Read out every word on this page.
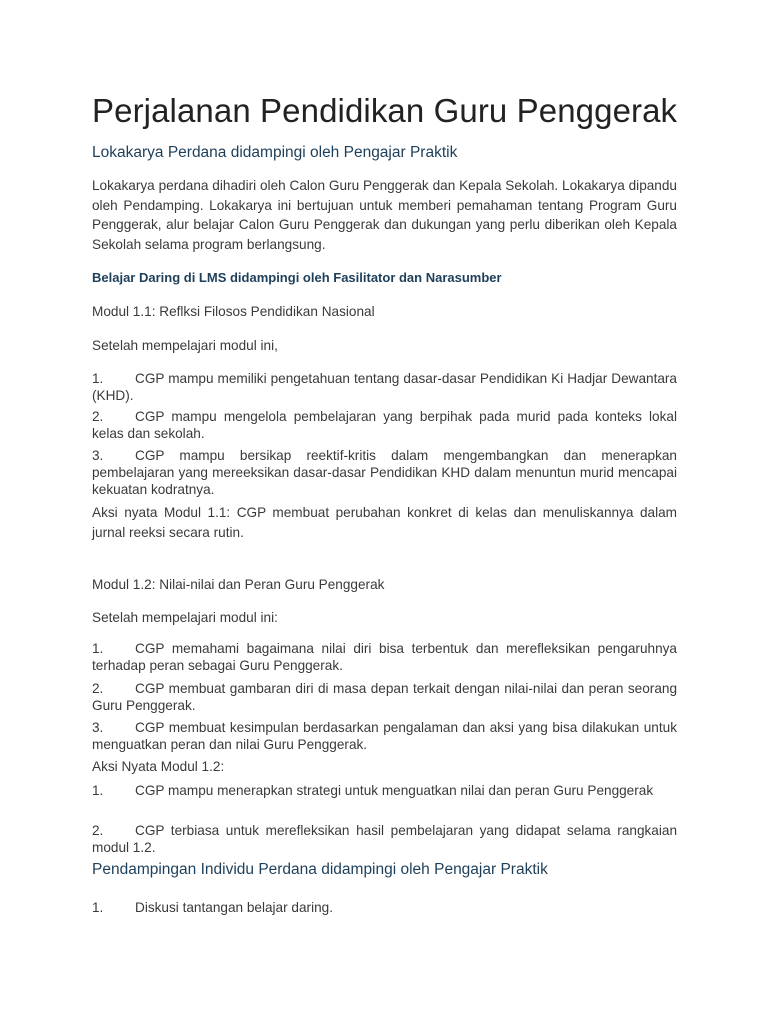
Perjalanan Pendidikan Guru Penggerak
Lokakarya Perdana didampingi oleh Pengajar Praktik

Lokakarya perdana dihadiri oleh Calon Guru Penggerak dan Kepala Sekolah. Lokakarya dipandu oleh Pendamping. Lokakarya ini bertujuan untuk memberi pemahaman tentang Program Guru Penggerak, alur belajar Calon Guru Penggerak dan dukungan yang perlu diberikan oleh Kepala Sekolah selama program berlangsung.

Belajar Daring di LMS didampingi oleh Fasilitator dan Narasumber

Modul 1.1: Reflksi Filosos Pendidikan Nasional

Setelah mempelajari modul ini,

1. CGP mampu memiliki pengetahuan tentang dasar-dasar Pendidikan Ki Hadjar Dewantara (KHD).

2. CGP mampu mengelola pembelajaran yang berpihak pada murid pada konteks lokal kelas dan sekolah.

3. CGP mampu bersikap reektif-kritis dalam mengembangkan dan menerapkan pembelajaran yang mereeksikan dasar-dasar Pendidikan KHD dalam menuntun murid mencapai kekuatan kodratnya.

Aksi nyata Modul 1.1: CGP membuat perubahan konkret di kelas dan menuliskannya dalam jurnal reeksi secara rutin.

Modul 1.2: Nilai-nilai dan Peran Guru Penggerak

Setelah mempelajari modul ini:

1. CGP memahami bagaimana nilai diri bisa terbentuk dan merefleksikan pengaruhnya terhadap peran sebagai Guru Penggerak.

2. CGP membuat gambaran diri di masa depan terkait dengan nilai-nilai dan peran seorang Guru Penggerak.

3. CGP membuat kesimpulan berdasarkan pengalaman dan aksi yang bisa dilakukan untuk menguatkan peran dan nilai Guru Penggerak.

Aksi Nyata Modul 1.2:

1. CGP mampu menerapkan strategi untuk menguatkan nilai dan peran Guru Penggerak

2. CGP terbiasa untuk merefleksikan hasil pembelajaran yang didapat selama rangkaian modul 1.2.

Pendampingan Individu Perdana didampingi oleh Pengajar Praktik

1. Diskusi tantangan belajar daring.
